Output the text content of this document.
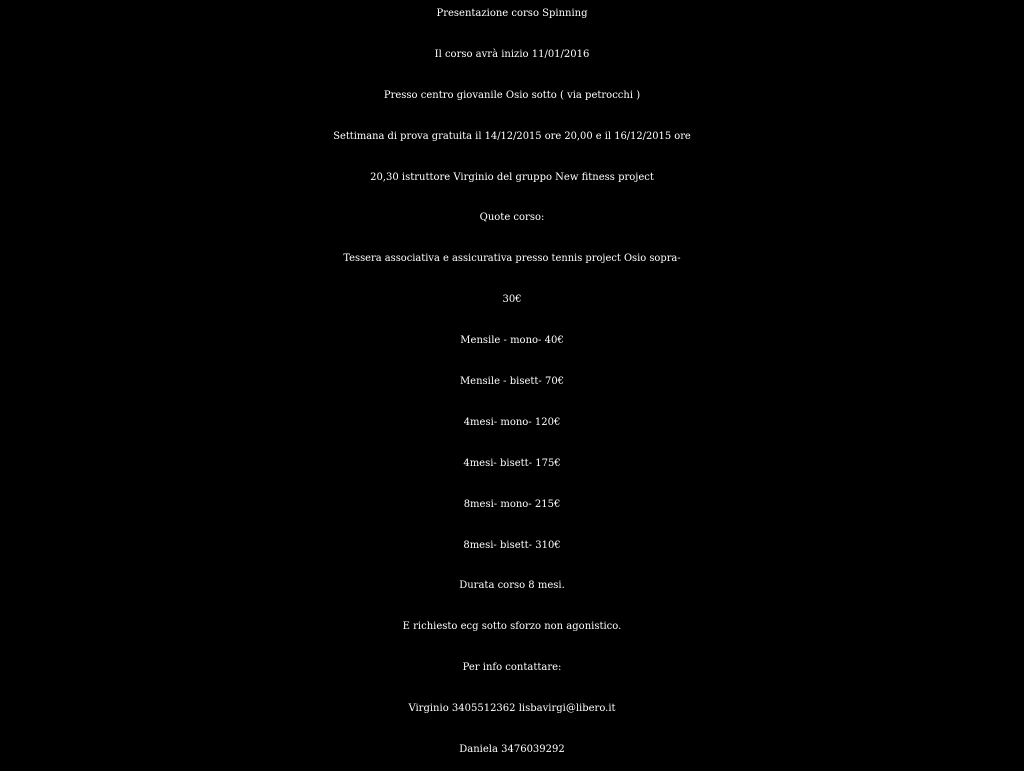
Presentazione corso Spinning
Il corso avrà inizio 11/01/2016
Presso centro giovanile Osio sotto ( via petrocchi )
Settimana di prova gratuita il 14/12/2015 ore 20,00 e il 16/12/2015 ore
20,30 istruttore Virginio del gruppo New fitness project
Quote corso:
Tessera associativa e assicurativa presso tennis project Osio sopra-
30€
Mensile - mono- 40€
Mensile - bisett- 70€
4mesi- mono- 120€
4mesi- bisett- 175€
8mesi- mono- 215€
8mesi- bisett- 310€
Durata corso 8 mesi.
E richiesto ecg sotto sforzo non agonistico.
Per info contattare:
Virginio 3405512362 lisbavirgi@libero.it
Daniela 3476039292
